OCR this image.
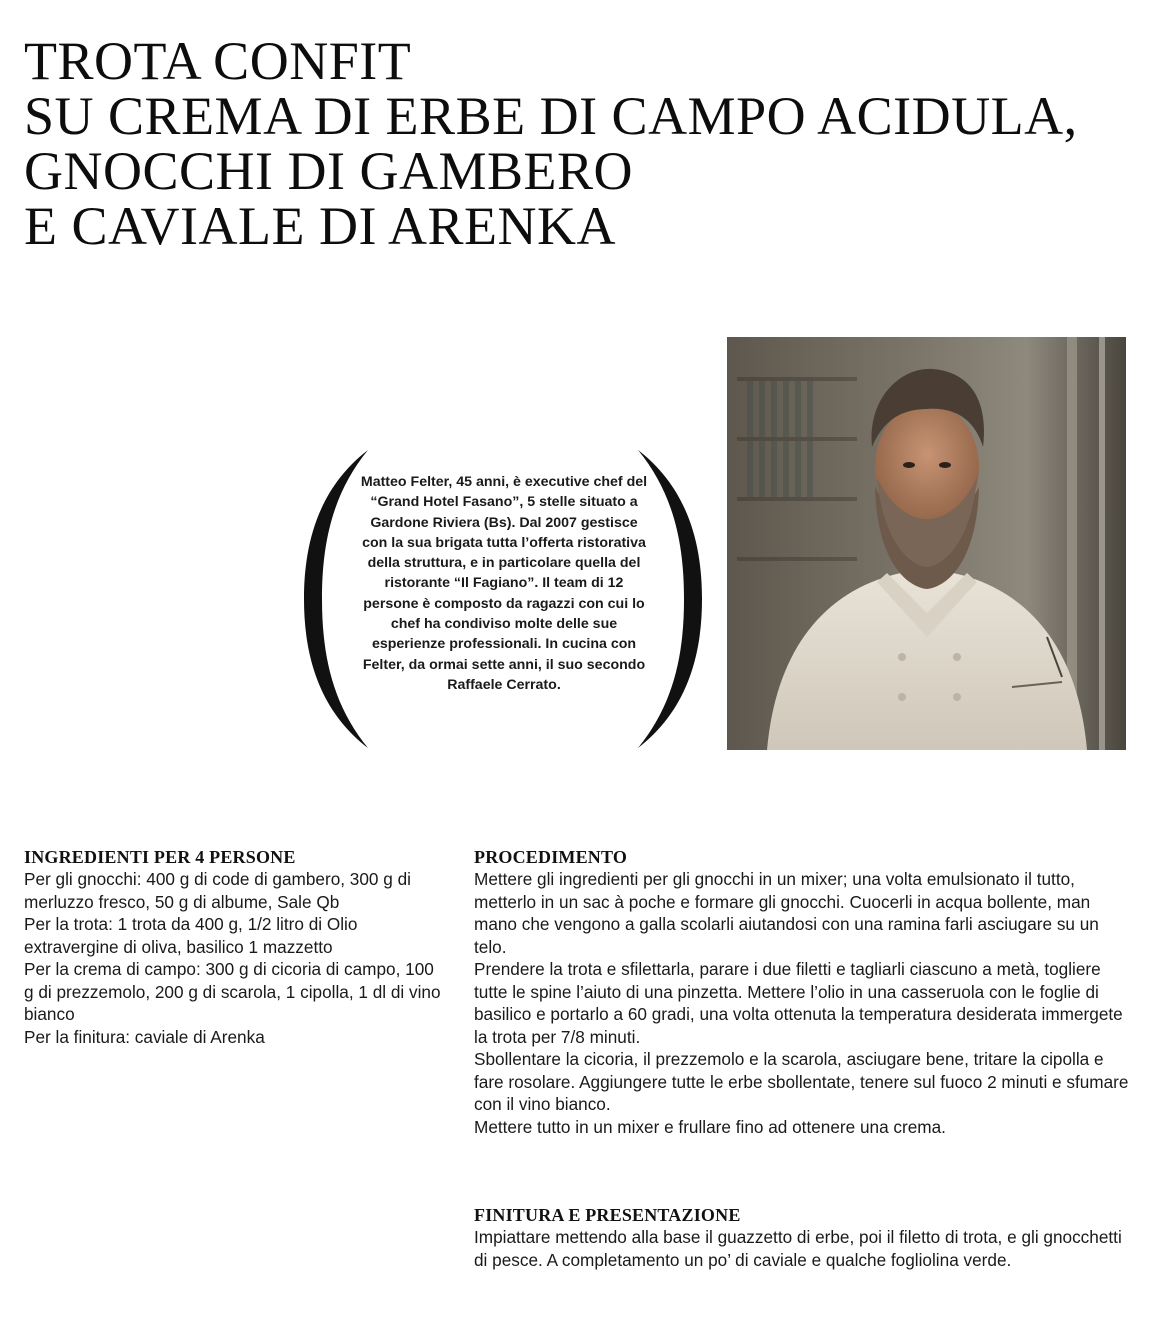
TROTA CONFIT
SU CREMA DI ERBE DI CAMPO ACIDULA,
GNOCCHI DI GAMBERO
E CAVIALE DI ARENKA

Matteo Felter, 45 anni, è executive chef del “Grand Hotel Fasano”, 5 stelle situato a Gardone Riviera (Bs). Dal 2007 gestisce con la sua brigata tutta l’offerta ristorativa della struttura, e in particolare quella del ristorante “Il Fagiano”. Il team di 12 persone è composto da ragazzi con cui lo chef ha condiviso molte delle sue esperienze professionali. In cucina con Felter, da ormai sette anni, il suo secondo Raffaele Cerrato.

INGREDIENTI PER 4 PERSONE

Per gli gnocchi: 400 g di code di gambero, 300 g di merluzzo fresco, 50 g di albume, Sale Qb

Per la trota: 1 trota da 400 g, 1/2 litro di Olio extravergine di oliva, basilico 1 mazzetto

Per la crema di campo: 300 g di cicoria di campo, 100 g di prezzemolo, 200 g di scarola, 1 cipolla, 1 dl di vino bianco

Per la finitura: caviale di Arenka

PROCEDIMENTO

Mettere gli ingredienti per gli gnocchi in un mixer; una volta emulsionato il tutto, metterlo in un sac à poche e formare gli gnocchi. Cuocerli in acqua bollente, man mano che vengono a galla scolarli aiutandosi con una ramina farli asciugare su un telo.

Prendere la trota e sfilettarla, parare i due filetti e tagliarli ciascuno a metà, togliere tutte le spine l’aiuto di una pinzetta. Mettere l’olio in una casseruola con le foglie di basilico e portarlo a 60 gradi, una volta ottenuta la temperatura desiderata immergete la trota per 7/8 minuti.

Sbollentare la cicoria, il prezzemolo e la scarola, asciugare bene, tritare la cipolla e fare rosolare. Aggiungere tutte le erbe sbollentate, tenere sul fuoco 2 minuti e sfumare con il vino bianco.

Mettere tutto in un mixer e frullare fino ad ottenere una crema.

FINITURA E PRESENTAZIONE

Impiattare mettendo alla base il guazzetto di erbe, poi il filetto di trota, e gli gnocchetti di pesce. A completamento un po’ di caviale e qualche fogliolina verde.
